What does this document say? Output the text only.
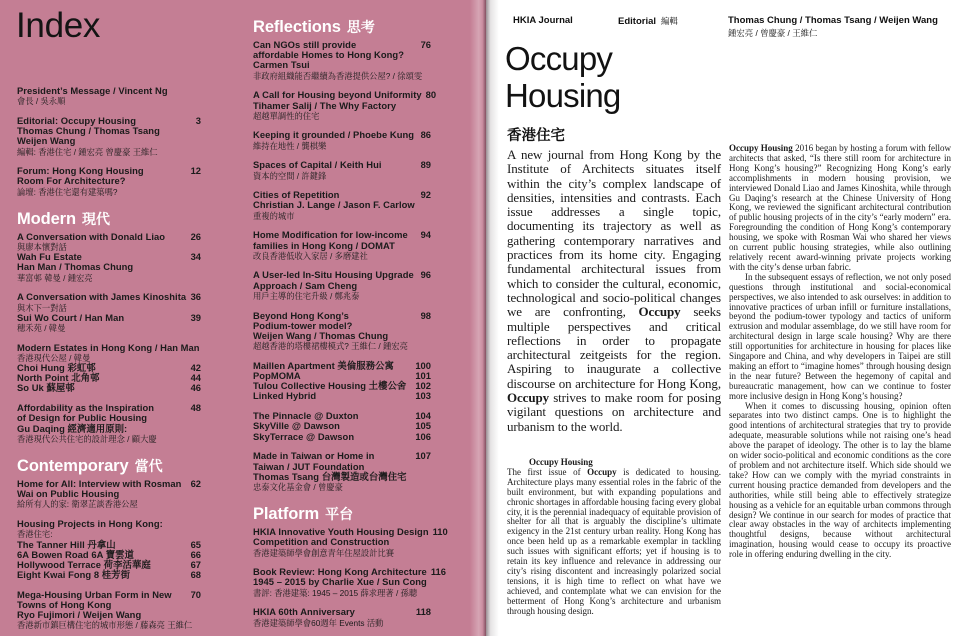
Index
President’s Message / Vincent Ng
會長 / 吳永順
Editorial: Occupy Housing	3
Thomas Chung / Thomas Tsang
Weijen Wang
編輯: 香港住宅 / 鍾宏亮 曾慶豪 王維仁
Forum: Hong Kong Housing	12
Room For Architecture?
論壇: 香港住宅還有建築嗎?
Modern 現代
A Conversation with Donald Liao	26
與廖本懷對話
Wah Fu Estate	34
Han Man / Thomas Chung
華富邨 韓曼 / 鍾宏亮
A Conversation with James Kinoshita 36
與木下一對話
Sui Wo Court / Han Man	39
穗禾苑 / 韓曼
Modern Estates in Hong Kong / Han Man
香港現代公屋 / 韓曼
Choi Hung 彩虹邨	42
North Point 北角邨	44
So Uk 蘇屋邨	46
Affordability as the Inspiration	48
of Design for Public Housing
Gu Daqing 經濟適用原則:
香港現代公共住宅的設計理念 / 顧大慶
Contemporary 當代
Home for All: Interview with Rosman 62
Wai on Public Housing
給所有人的家: 衛翠芷談香港公屋
Housing Projects in Hong Kong:
香港住宅:
The Tanner Hill 丹拿山	65
6A Bowen Road 6A 寶雲道	66
Hollywood Terrace 荷李活華庭	67
Eight Kwai Fong 8 桂芳街	68
Mega-Housing Urban Form in New 70
Towns of Hong Kong
Ryo Fujimori / Weijen Wang
香港新市鎮巨構住宅的城市形態 / 藤森亮 王維仁
Reflections 思考
Can NGOs still provide	76
affordable Homes to Hong Kong?
Carmen Tsui
非政府組織能否繼續為香港提供公屋? / 徐頌雯
A Call for Housing beyond Uniformity 80
Tihamer Salij / The Why Factory
超越單調性的住宅
Keeping it grounded / Phoebe Kung 86
維持在地性 / 龔棋樂
Spaces of Capital / Keith Hui	89
資本的空間 / 許鍵鋒
Cities of Repetition	92
Christian J. Lange / Jason F. Carlow
重複的城市
Home Modification for low-income 94
families in Hong Kong / DOMAT
改良香港低收入家居 / 多磨建社
A User-led In-Situ Housing Upgrade 96
Approach / Sam Cheng
用戶主導的住宅升級 / 鄭兆泰
Beyond Hong Kong’s	98
Podium-tower model?
Weijen Wang / Thomas Chung
超越香港的塔樓裙樓模式? 王維仁 / 鍾宏亮
Maillen Apartment 美倫服務公寓 100
PopMOMA	101
Tulou Collective Housing 土樓公舍 102
Linked Hybrid	103
The Pinnacle @ Duxton	104
SkyVille @ Dawson	105
SkyTerrace @ Dawson	106
Made in Taiwan or Home in	107
Taiwan / JUT Foundation
Thomas Tsang 台灣製造或台灣住宅
忠泰文化基金會 / 曾慶豪
Platform 平台
HKIA Innovative Youth Housing Design 110
Competition and Construction
香港建築師學會創意青年住屋設計比賽
Book Review: Hong Kong Architecture 116
1945 – 2015 by Charlie Xue / Sun Cong
書評: 香港建築: 1945 – 2015 薛求理著 / 孫聰
HKIA 60th Anniversary	118
香港建築師學會60週年 Events 活動
HKIA Journal	Editorial 編輯	Thomas Chung / Thomas Tsang / Weijen Wang
鍾宏亮 / 曾慶豪 / 王維仁
Occupy
Housing
香港住宅
A new journal from Hong Kong by the Institute of Architects situates itself within the city’s complex landscape of densities, intensities and contrasts. Each issue addresses a single topic, documenting its trajectory as well as gathering contemporary narratives and practices from its home city. Engaging fundamental architectural issues from which to consider the cultural, economic, technological and socio-political changes we are confronting, Occupy seeks multiple perspectives and critical reflections in order to propagate architectural zeitgeists for the region. Aspiring to inaugurate a collective discourse on architecture for Hong Kong, Occupy strives to make room for posing vigilant questions on architecture and urbanism to the world.
Occupy Housing
The first issue of Occupy is dedicated to housing. Architecture plays many essential roles in the fabric of the built environment, but with expanding populations and chronic shortages in affordable housing facing every global city, it is the perennial inadequacy of equitable provision of shelter for all that is arguably the discipline’s ultimate exigency in the 21st century urban reality. Hong Kong has once been held up as a remarkable exemplar in tackling such issues with significant efforts; yet if housing is to retain its key influence and relevance in addressing our city’s rising discontent and increasingly polarized social tensions, it is high time to reflect on what have we achieved, and contemplate what we can envision for the betterment of Hong Kong’s architecture and urbanism through housing design.

Occupy Housing 2016 began by hosting a forum with fellow architects that asked, “Is there still room for architecture in Hong Kong’s housing?” Recognizing Hong Kong’s early accomplishments in modern housing provision, we interviewed Donald Liao and James Kinoshita, while through Gu Daqing’s research at the Chinese University of Hong Kong, we reviewed the significant architectural contribution of public housing projects of in the city’s “early modern” era. Foregrounding the condition of Hong Kong’s contemporary housing, we spoke with Rosman Wai who shared her views on current public housing strategies, while also outlining relatively recent award-winning private projects working with the city’s dense urban fabric.

In the subsequent essays of reflection, we not only posed questions through institutional and social-economical perspectives, we also intended to ask ourselves: in addition to innovative practices of urban infill or furniture installations, beyond the podium-tower typology and tactics of uniform extrusion and modular assemblage, do we still have room for architectural design in large scale housing? Why are there still opportunities for architecture in housing for places like Singapore and China, and why developers in Taipei are still making an effort to “imagine homes” through housing design in the near future? Between the hegemony of capital and bureaucratic management, how can we continue to foster more inclusive design in Hong Kong’s housing?

When it comes to discussing housing, opinion often separates into two distinct camps. One is to highlight the good intentions of architectural strategies that try to provide adequate, measurable solutions while not raising one’s head above the parapet of ideology. The other is to lay the blame on wider socio-political and economic conditions as the core of problem and not architecture itself. Which side should we take? How can we comply with the myriad constraints in current housing practice demanded from developers and the authorities, while still being able to effectively strategize housing as a vehicle for an equitable urban commons through design? We continue in our search for modes of practice that clear away obstacles in the way of architects implementing thoughtful designs, because without architectural imagination, housing would cease to occupy its proactive role in offering enduring dwelling in the city.
